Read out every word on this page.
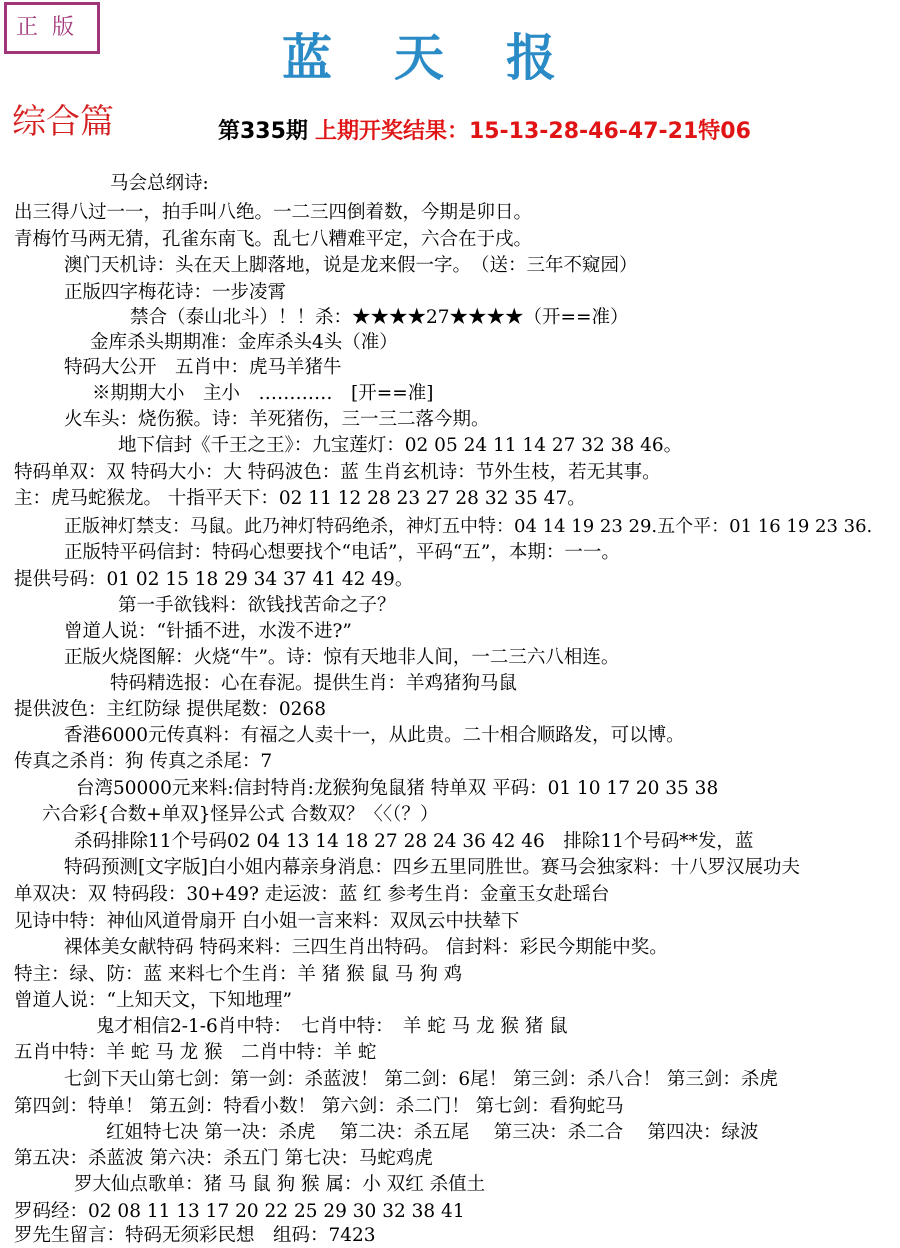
正版
蓝天报
综合篇	第335期 上期开奖结果：15-13-28-46-47-21特06
马会总纲诗:
出三得八过一一，拍手叫八绝。一二三四倒着数，今期是卯日。
青梅竹马两无猜，孔雀东南飞。乱七八糟难平定，六合在于戌。
澳门天机诗：头在天上脚落地，说是龙来假一字。　（送：三年不窥园）
正版四字梅花诗：一步凌霄
禁合（泰山北斗）！！杀：★★★★27★★★★（开==准）
金库杀头期期准：金库杀头4头（准）
特码大公开　五肖中：虎马羊猪牛
※期期大小　主小　…………　[开==准]
火车头：烧伤猴。诗：羊死猪伤，三一三二落今期。
地下信封《千王之王》：九宝莲灯：02 05 24 11 14 27 32 38 46。
特码单双：双 特码大小：大 特码波色：蓝 生肖玄机诗：节外生枝，若无其事。
主：虎马蛇猴龙。 十指平天下：02 11 12 28 23 27 28 32 35 47。
正版神灯禁支：马鼠。此乃神灯特码绝杀，神灯五中特：04 14 19 23 29.五个平：01 16 19 23 36.
正版特平码信封：特码心想要找个“电话”，平码“五”，本期：一一。
提供号码：01 02 15 18 29 34 37 41 42 49。
第一手欲钱料：欲钱找苦命之子？
曾道人说：“针插不进，水泼不进?”
正版火烧图解：火烧“牛”。诗：惊有天地非人间，一二三六八相连。
特码精选报：心在春泥。提供生肖：羊鸡猪狗马鼠
提供波色：主红防绿 提供尾数：0268
香港6000元传真料：有福之人卖十一，从此贵。二十相合顺路发，可以博。
传真之杀肖：狗 传真之杀尾：7
台湾50000元来料:信封特肖:龙猴狗兔鼠猪 特单双 平码：01 10 17 20 35 38
六合彩{合数+单双}怪异公式 合数双？〈〈（？）
杀码排除11个号码02 04 13 14 18 27 28 24 36 42 46　排除11个号码**发，蓝
特码预测[文字版]白小姐内幕亲身消息：四乡五里同胜世。赛马会独家料：十八罗汉展功夫
单双决：双 特码段：30+49? 走运波：蓝 红 参考生肖：金童玉女赴瑶台
见诗中特：神仙风道骨扇开 白小姐一言来料：双凤云中扶辇下
裸体美女献特码 特码来料：三四生肖出特码。 信封料：彩民今期能中奖。
特主：绿、防：蓝 来料七个生肖：羊 猪 猴 鼠 马 狗 鸡
曾道人说：“上知天文，下知地理”
鬼才相信2-1-6肖中特：　七肖中特：　羊 蛇 马 龙 猴 猪 鼠
五肖中特：羊 蛇 马 龙 猴　二肖中特：羊 蛇
七剑下天山第七剑：第一剑：杀蓝波！ 第二剑：6尾！ 第三剑：杀八合！ 第三剑：杀虎
第四剑：特单！ 第五剑：特看小数！ 第六剑：杀二门！ 第七剑：看狗蛇马
红姐特七决 第一决：杀虎　 第二决：杀五尾　 第三决：杀二合　 第四决：绿波
第五决：杀蓝波 第六决：杀五门 第七决：马蛇鸡虎
罗大仙点歌单：猪 马 鼠 狗 猴 属：小 双红 杀值土
罗码经：02 08 11 13 17 20 22 25 29 30 32 38 41
罗先生留言：特码无须彩民想　组码：7423
